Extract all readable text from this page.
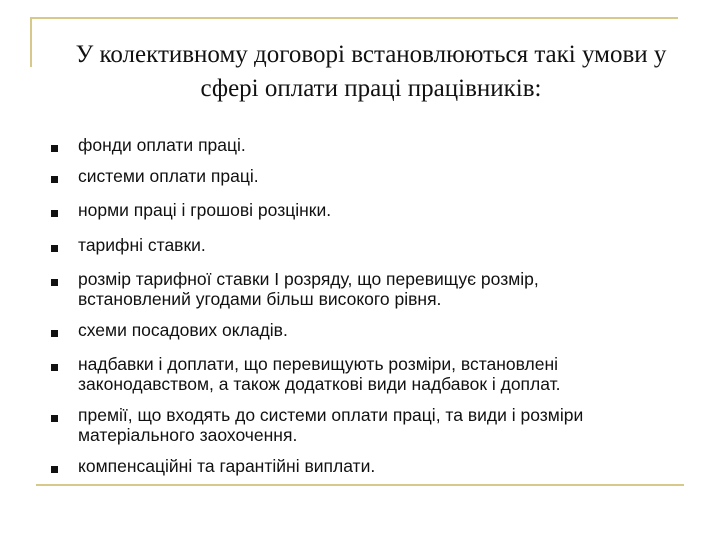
У колективному договорі встановлюються такі умови у
сфері оплати праці працівників:
фонди оплати праці.
системи оплати праці.
норми праці і грошові розцінки.
тарифні ставки.
розмір тарифної ставки І розряду, що перевищує розмір,
встановлений угодами більш високого рівня.
схеми посадових окладів.
надбавки і доплати, що перевищують розміри, встановлені
законодавством, а також додаткові види надбавок і доплат.
премії, що входять до системи оплати праці, та види і розміри
матеріального заохочення.
компенсаційні та гарантійні виплати.
